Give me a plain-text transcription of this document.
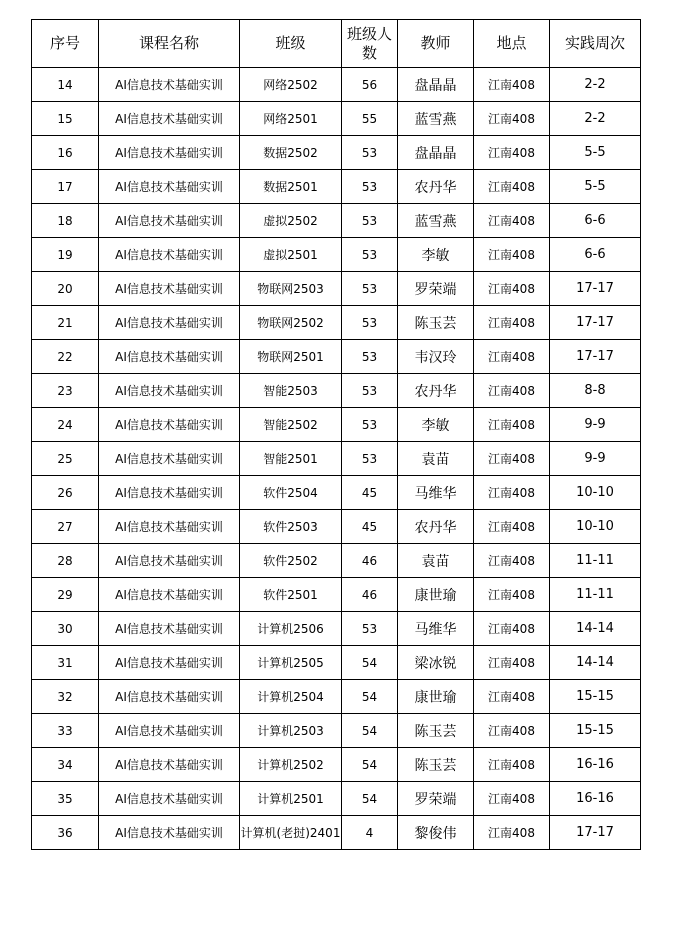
序号	课程名称	班级	班级人数	教师	地点	实践周次
14	AI信息技术基础实训	网络2502	56	盘晶晶	江南408	2-2
15	AI信息技术基础实训	网络2501	55	蓝雪燕	江南408	2-2
16	AI信息技术基础实训	数据2502	53	盘晶晶	江南408	5-5
17	AI信息技术基础实训	数据2501	53	农丹华	江南408	5-5
18	AI信息技术基础实训	虚拟2502	53	蓝雪燕	江南408	6-6
19	AI信息技术基础实训	虚拟2501	53	李敏	江南408	6-6
20	AI信息技术基础实训	物联网2503	53	罗荣端	江南408	17-17
21	AI信息技术基础实训	物联网2502	53	陈玉芸	江南408	17-17
22	AI信息技术基础实训	物联网2501	53	韦汉玲	江南408	17-17
23	AI信息技术基础实训	智能2503	53	农丹华	江南408	8-8
24	AI信息技术基础实训	智能2502	53	李敏	江南408	9-9
25	AI信息技术基础实训	智能2501	53	袁苗	江南408	9-9
26	AI信息技术基础实训	软件2504	45	马维华	江南408	10-10
27	AI信息技术基础实训	软件2503	45	农丹华	江南408	10-10
28	AI信息技术基础实训	软件2502	46	袁苗	江南408	11-11
29	AI信息技术基础实训	软件2501	46	康世瑜	江南408	11-11
30	AI信息技术基础实训	计算机2506	53	马维华	江南408	14-14
31	AI信息技术基础实训	计算机2505	54	梁冰锐	江南408	14-14
32	AI信息技术基础实训	计算机2504	54	康世瑜	江南408	15-15
33	AI信息技术基础实训	计算机2503	54	陈玉芸	江南408	15-15
34	AI信息技术基础实训	计算机2502	54	陈玉芸	江南408	16-16
35	AI信息技术基础实训	计算机2501	54	罗荣端	江南408	16-16
36	AI信息技术基础实训	计算机(老挝)2401	4	黎俊伟	江南408	17-17
